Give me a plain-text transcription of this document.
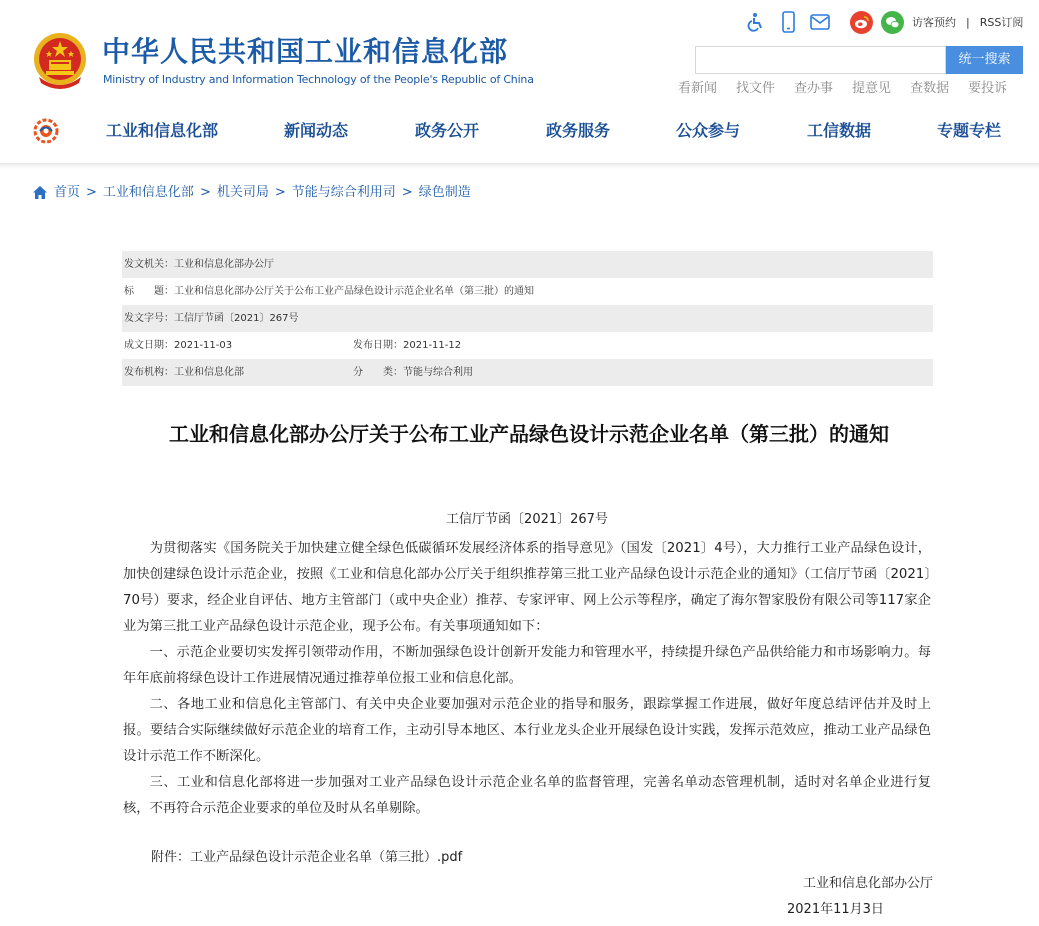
中华人民共和国工业和信息化部
Ministry of Industry and Information Technology of the People's Republic of China
访客预约 | RSS订阅
统一搜索
看新闻 找文件 查办事 提意见 查数据 要投诉
工业和信息化部	新闻动态	政务公开	政务服务	公众参与	工信数据	专题专栏
首页 > 工业和信息化部 > 机关司局 > 节能与综合利用司 > 绿色制造
发文机关：工业和信息化部办公厅
标　　题：工业和信息化部办公厅关于公布工业产品绿色设计示范企业名单（第三批）的通知
发文字号：工信厅节函〔2021〕267号
成文日期：2021-11-03	发布日期：2021-11-12
发布机构：工业和信息化部	分　　类：节能与综合利用
工业和信息化部办公厅关于公布工业产品绿色设计示范企业名单（第三批）的通知
工信厅节函〔2021〕267号

为贯彻落实《国务院关于加快建立健全绿色低碳循环发展经济体系的指导意见》（国发〔2021〕4号），大力推行工业产品绿色设计，加快创建绿色设计示范企业，按照《工业和信息化部办公厅关于组织推荐第三批工业产品绿色设计示范企业的通知》（工信厅节函〔2021〕70号）要求，经企业自评估、地方主管部门（或中央企业）推荐、专家评审、网上公示等程序，确定了海尔智家股份有限公司等117家企业为第三批工业产品绿色设计示范企业，现予公布。有关事项通知如下：

一、示范企业要切实发挥引领带动作用，不断加强绿色设计创新开发能力和管理水平，持续提升绿色产品供给能力和市场影响力。每年年底前将绿色设计工作进展情况通过推荐单位报工业和信息化部。

二、各地工业和信息化主管部门、有关中央企业要加强对示范企业的指导和服务，跟踪掌握工作进展，做好年度总结评估并及时上报。要结合实际继续做好示范企业的培育工作，主动引导本地区、本行业龙头企业开展绿色设计实践，发挥示范效应，推动工业产品绿色设计示范工作不断深化。

三、工业和信息化部将进一步加强对工业产品绿色设计示范企业名单的监督管理，完善名单动态管理机制，适时对名单企业进行复核，不再符合示范企业要求的单位及时从名单剔除。

附件：工业产品绿色设计示范企业名单（第三批）.pdf
工业和信息化部办公厅
2021年11月3日
